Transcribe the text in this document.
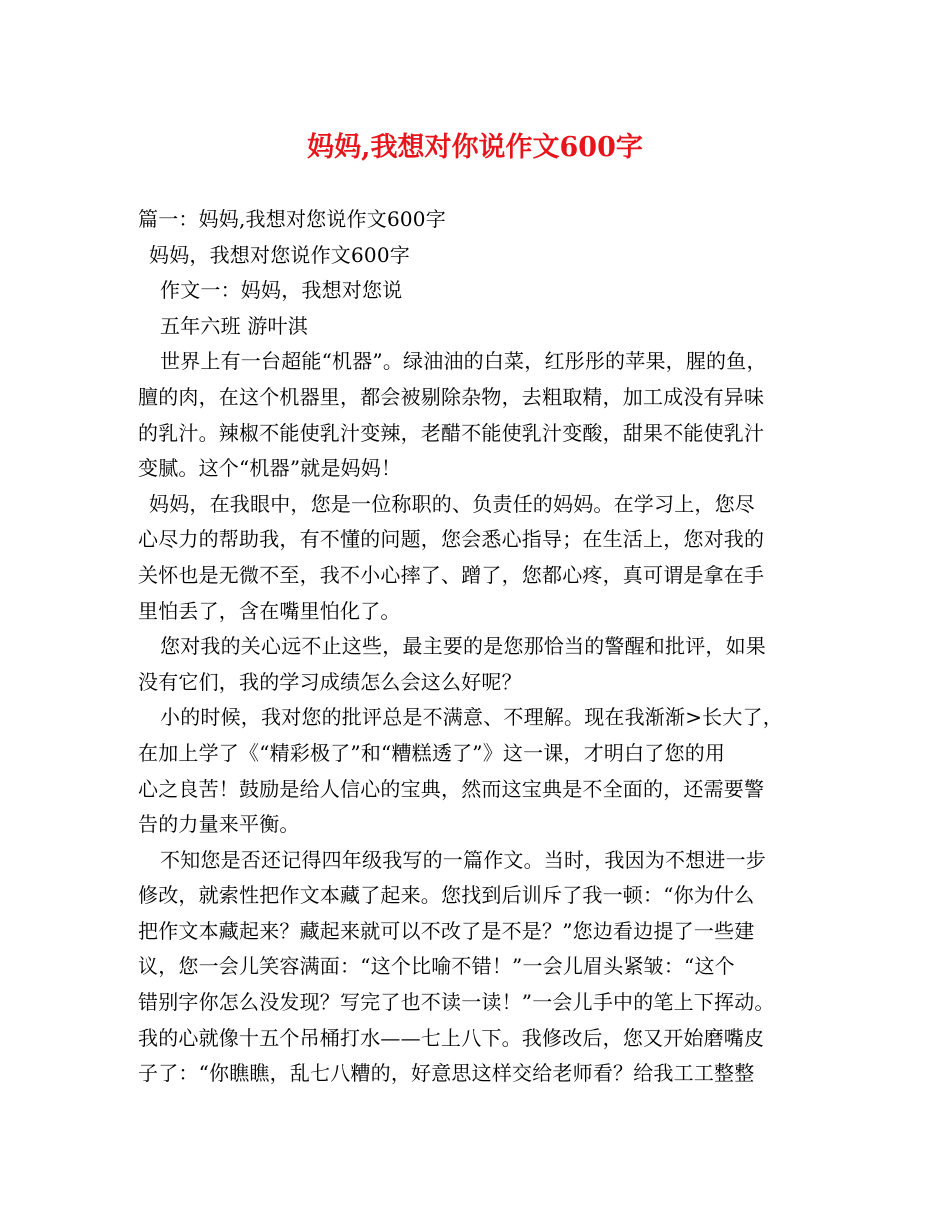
妈妈,我想对你说作文600字

篇一：妈妈,我想对您说作文600字

妈妈，我想对您说作文600字

作文一：妈妈，我想对您说

五年六班 游叶淇

世界上有一台超能“机器”。绿油油的白菜，红彤彤的苹果，腥的鱼，

膻的肉，在这个机器里，都会被剔除杂物，去粗取精，加工成没有异味

的乳汁。辣椒不能使乳汁变辣，老醋不能使乳汁变酸，甜果不能使乳汁

变腻。这个“机器”就是妈妈！

妈妈，在我眼中，您是一位称职的、负责任的妈妈。在学习上，您尽

心尽力的帮助我，有不懂的问题，您会悉心指导；在生活上，您对我的

关怀也是无微不至，我不小心摔了、蹭了，您都心疼，真可谓是拿在手

里怕丢了，含在嘴里怕化了。

您对我的关心远不止这些，最主要的是您那恰当的警醒和批评，如果

没有它们，我的学习成绩怎么会这么好呢？

小的时候，我对您的批评总是不满意、不理解。现在我渐渐>长大了，

在加上学了《“精彩极了”和“糟糕透了”》这一课，才明白了您的用

心之良苦！鼓励是给人信心的宝典，然而这宝典是不全面的，还需要警

告的力量来平衡。

不知您是否还记得四年级我写的一篇作文。当时，我因为不想进一步

修改，就索性把作文本藏了起来。您找到后训斥了我一顿：“你为什么

把作文本藏起来？藏起来就可以不改了是不是？”您边看边提了一些建

议，您一会儿笑容满面：“这个比喻不错！”一会儿眉头紧皱：“这个

错别字你怎么没发现？写完了也不读一读！”一会儿手中的笔上下挥动。

我的心就像十五个吊桶打水——七上八下。我修改后，您又开始磨嘴皮

子了：“你瞧瞧，乱七八糟的，好意思这样交给老师看？给我工工整整
